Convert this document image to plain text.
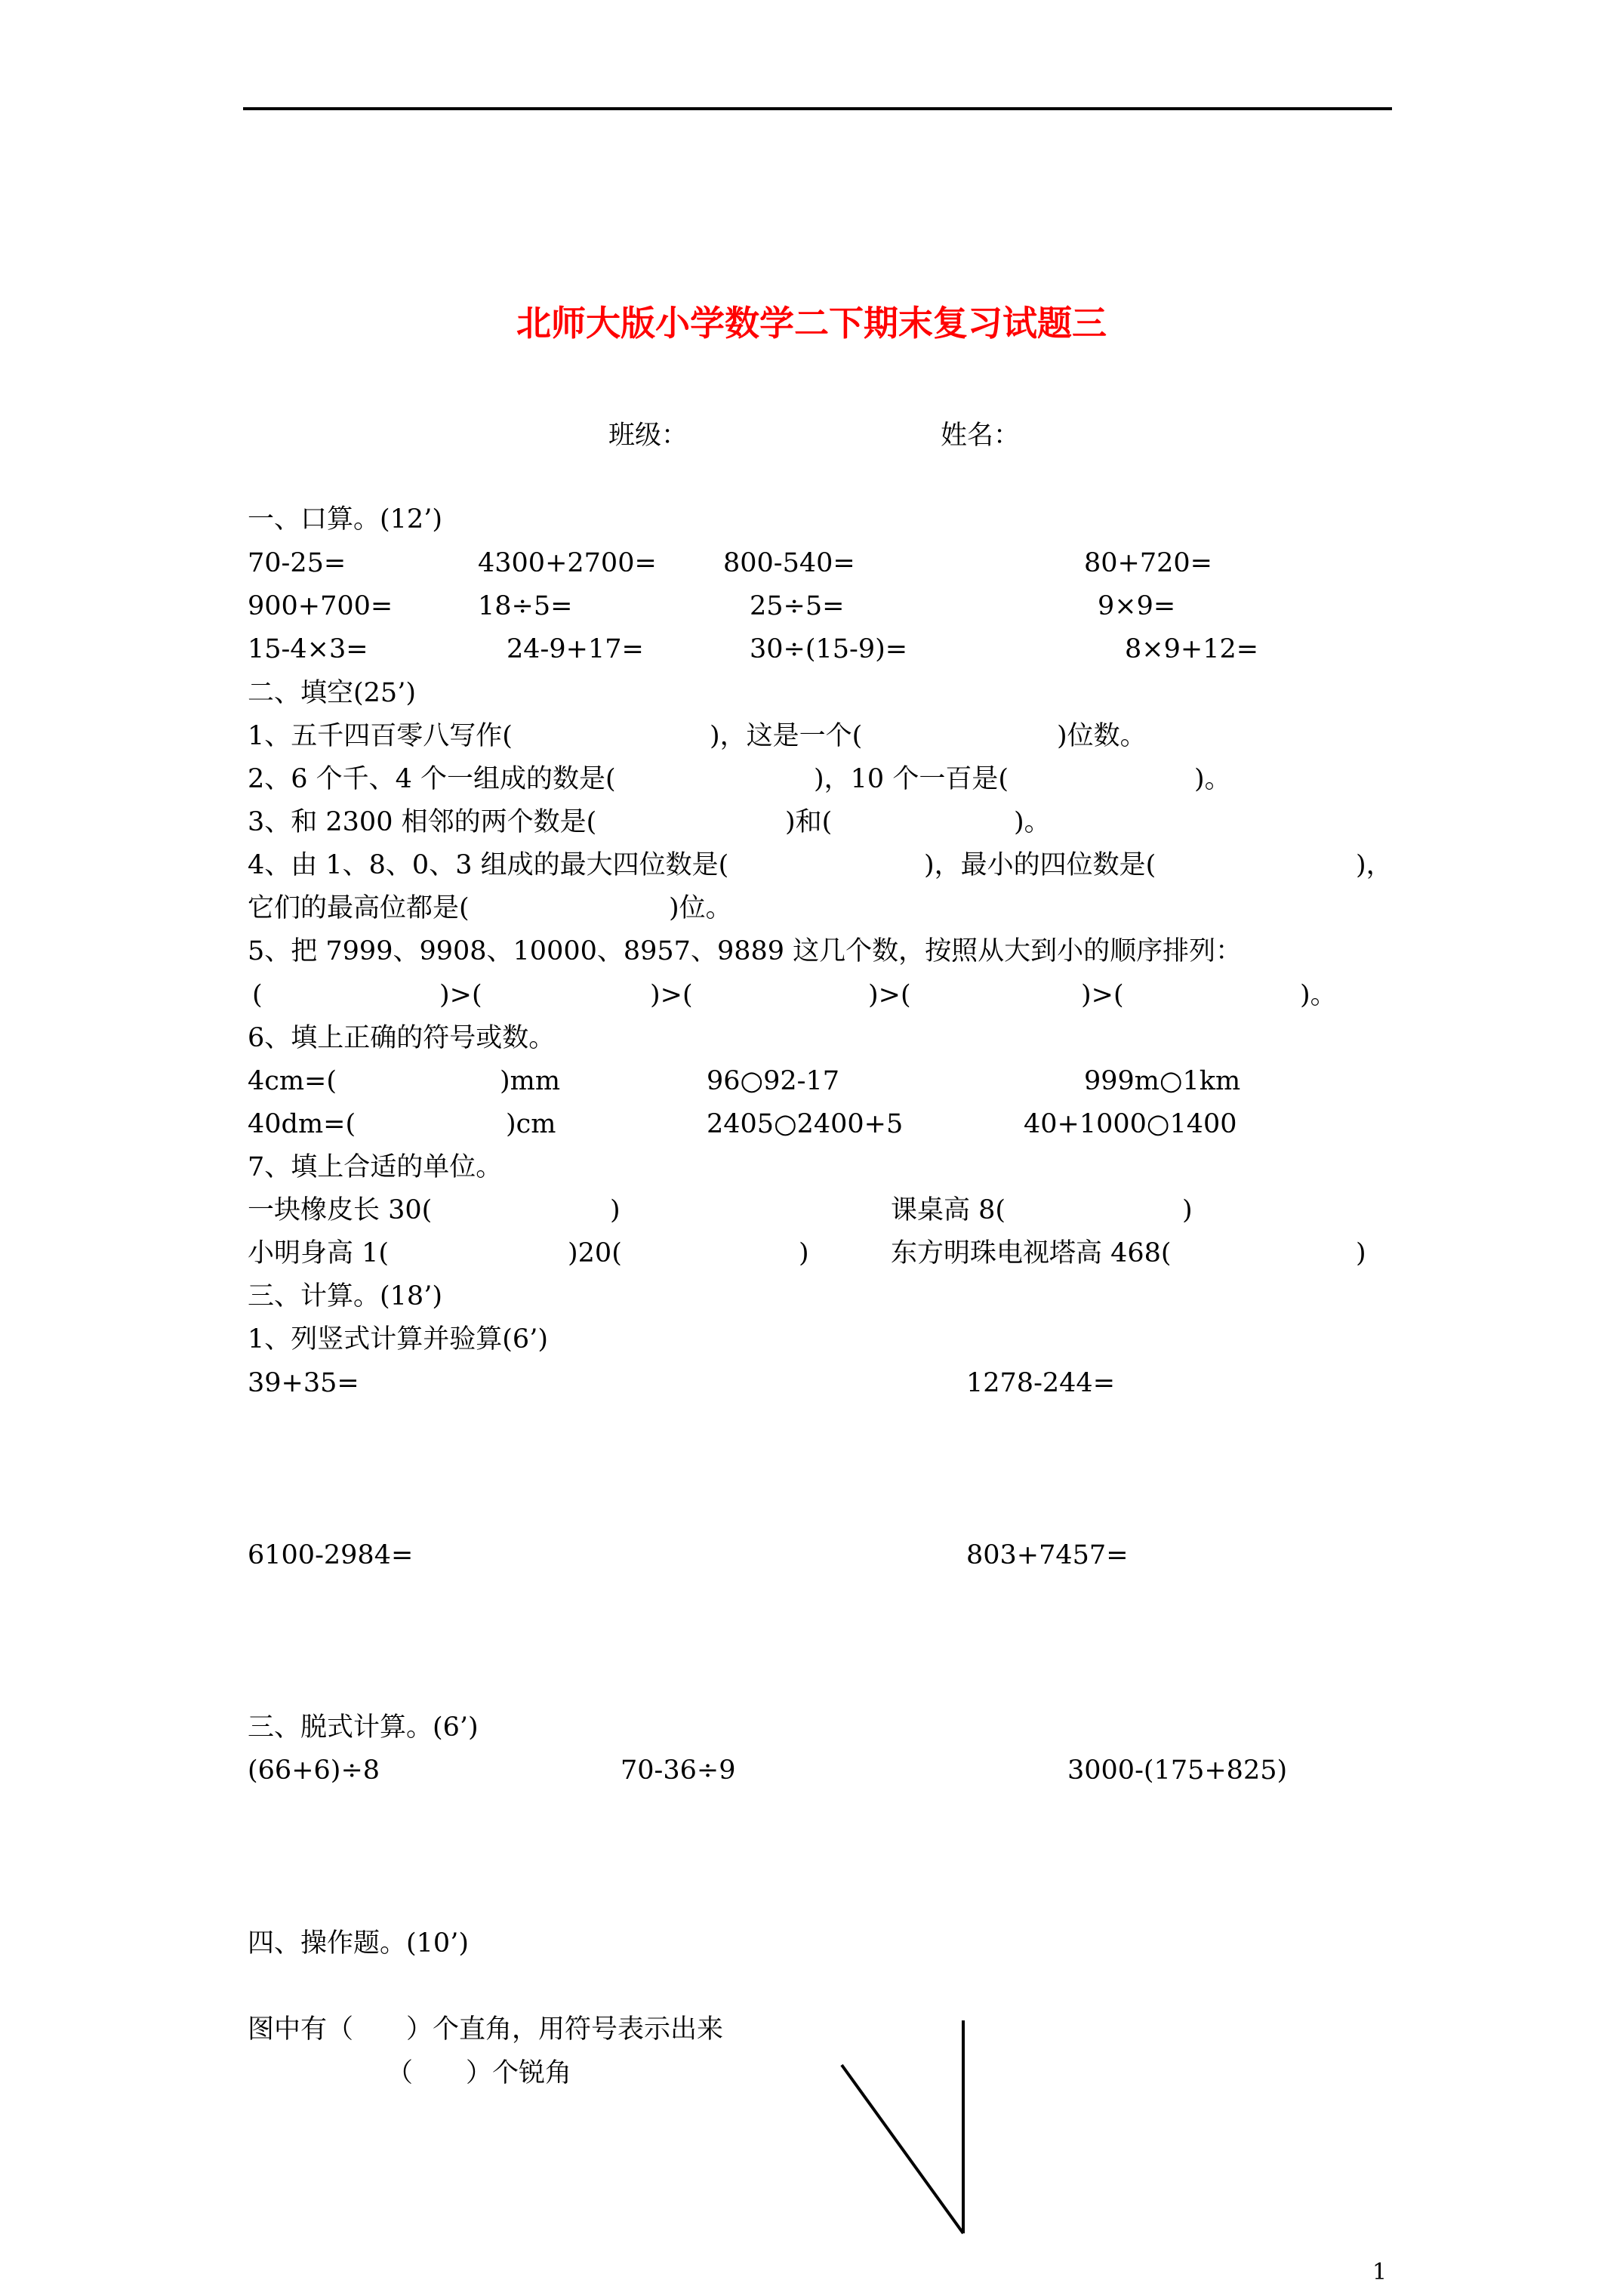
北师大版小学数学二下期末复习试题三
班级：	姓名：
一、口算。(12’)
70-25=	4300+2700=	800-540=	80+720=
900+700=	18÷5=	25÷5=	9×9=
15-4×3=	24-9+17=	30÷(15-9)=	8×9+12=
二、填空(25’)
1、五千四百零八写作(	)，这是一个(	)位数。
2、6 个千、4 个一组成的数是(	)，10 个一百是(	)。
3、和 2300 相邻的两个数是(	)和(	)。
4、由 1、8、0、3 组成的最大四位数是(	)，最小的四位数是(	)，
它们的最高位都是(	)位。
5、把 7999、9908、10000、8957、9889 这几个数，按照从大到小的顺序排列：
(	)>(	)>(	)>(	)>(	)。
6、填上正确的符号或数。
4cm=(	)mm	96○92-17	999m○1km
40dm=(	)cm	2405○2400+5	40+1000○1400
7、填上合适的单位。
一块橡皮长 30(	)	课桌高 8(	)
小明身高 1(	)20(	)	东方明珠电视塔高 468(	)
三、计算。(18’)
1、列竖式计算并验算(6’)
39+35=	1278-244=
6100-2984=	803+7457=
三、脱式计算。(6’)
(66+6)÷8	70-36÷9	3000-(175+825)
四、操作题。(10’)
图中有（　　）个直角，用符号表示出来
（　　）个锐角
1
